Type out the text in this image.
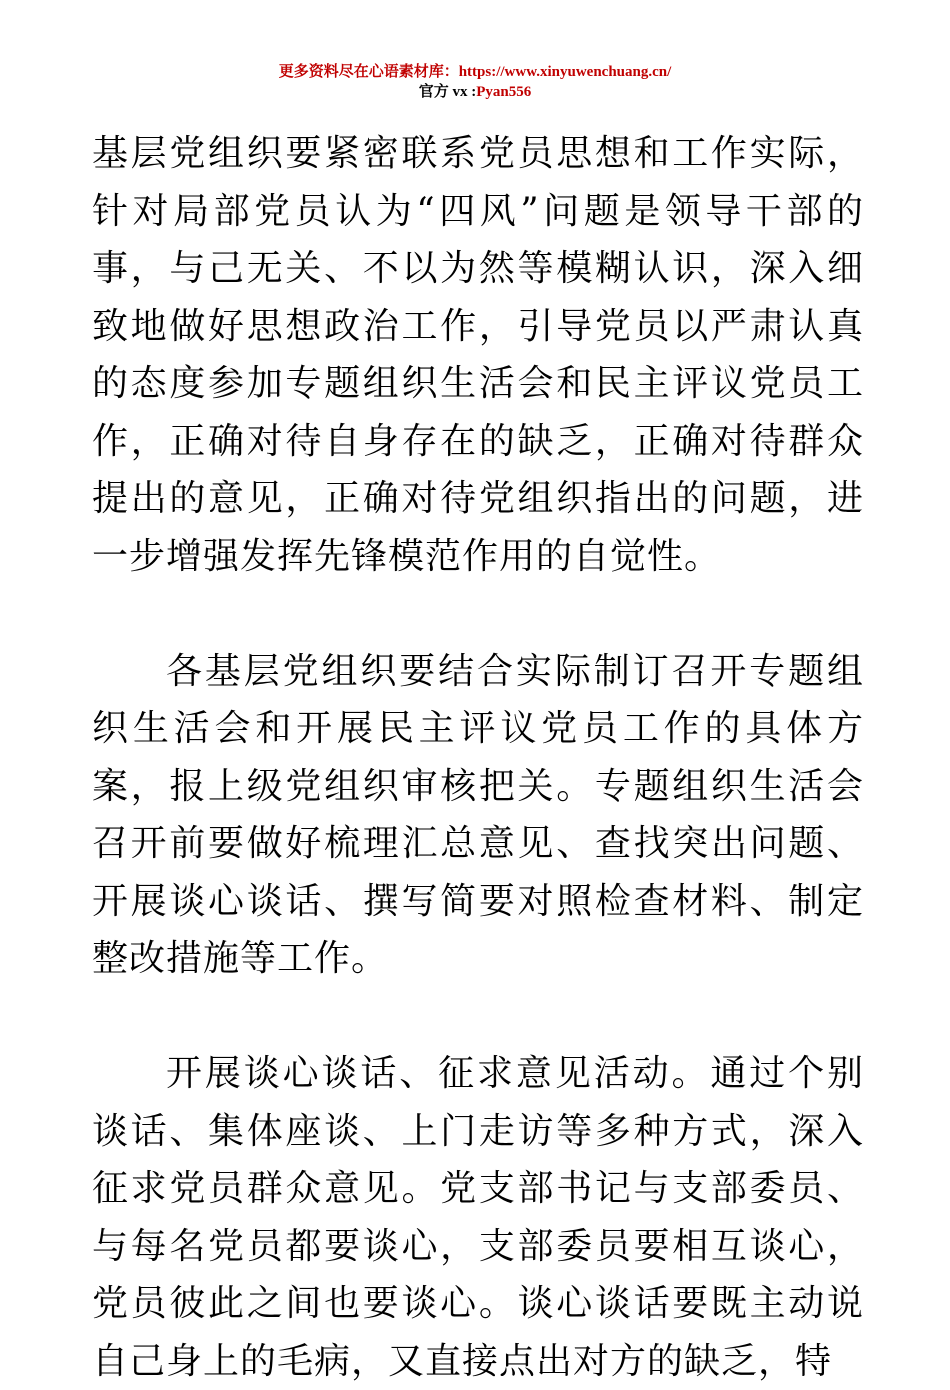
更多资料尽在心语素材库：https://www.xinyuwenchuang.cn/
官方 vx :Pyan556

基层党组织要紧密联系党员思想和工作实际，针对局部党员认为“四风”问题是领导干部的事，与己无关、不以为然等模糊认识，深入细致地做好思想政治工作，引导党员以严肃认真的态度参加专题组织生活会和民主评议党员工作，正确对待自身存在的缺乏，正确对待群众提出的意见，正确对待党组织指出的问题，进一步增强发挥先锋模范作用的自觉性。

各基层党组织要结合实际制订召开专题组织生活会和开展民主评议党员工作的具体方案，报上级党组织审核把关。专题组织生活会召开前要做好梳理汇总意见、查找突出问题、开展谈心谈话、撰写简要对照检查材料、制定整改措施等工作。

开展谈心谈话、征求意见活动。通过个别谈话、集体座谈、上门走访等多种方式，深入征求党员群众意见。党支部书记与支部委员、与每名党员都要谈心，支部委员要相互谈心，党员彼此之间也要谈心。谈心谈话要既主动说自己身上的毛病，又直接点出对方的缺乏，特
